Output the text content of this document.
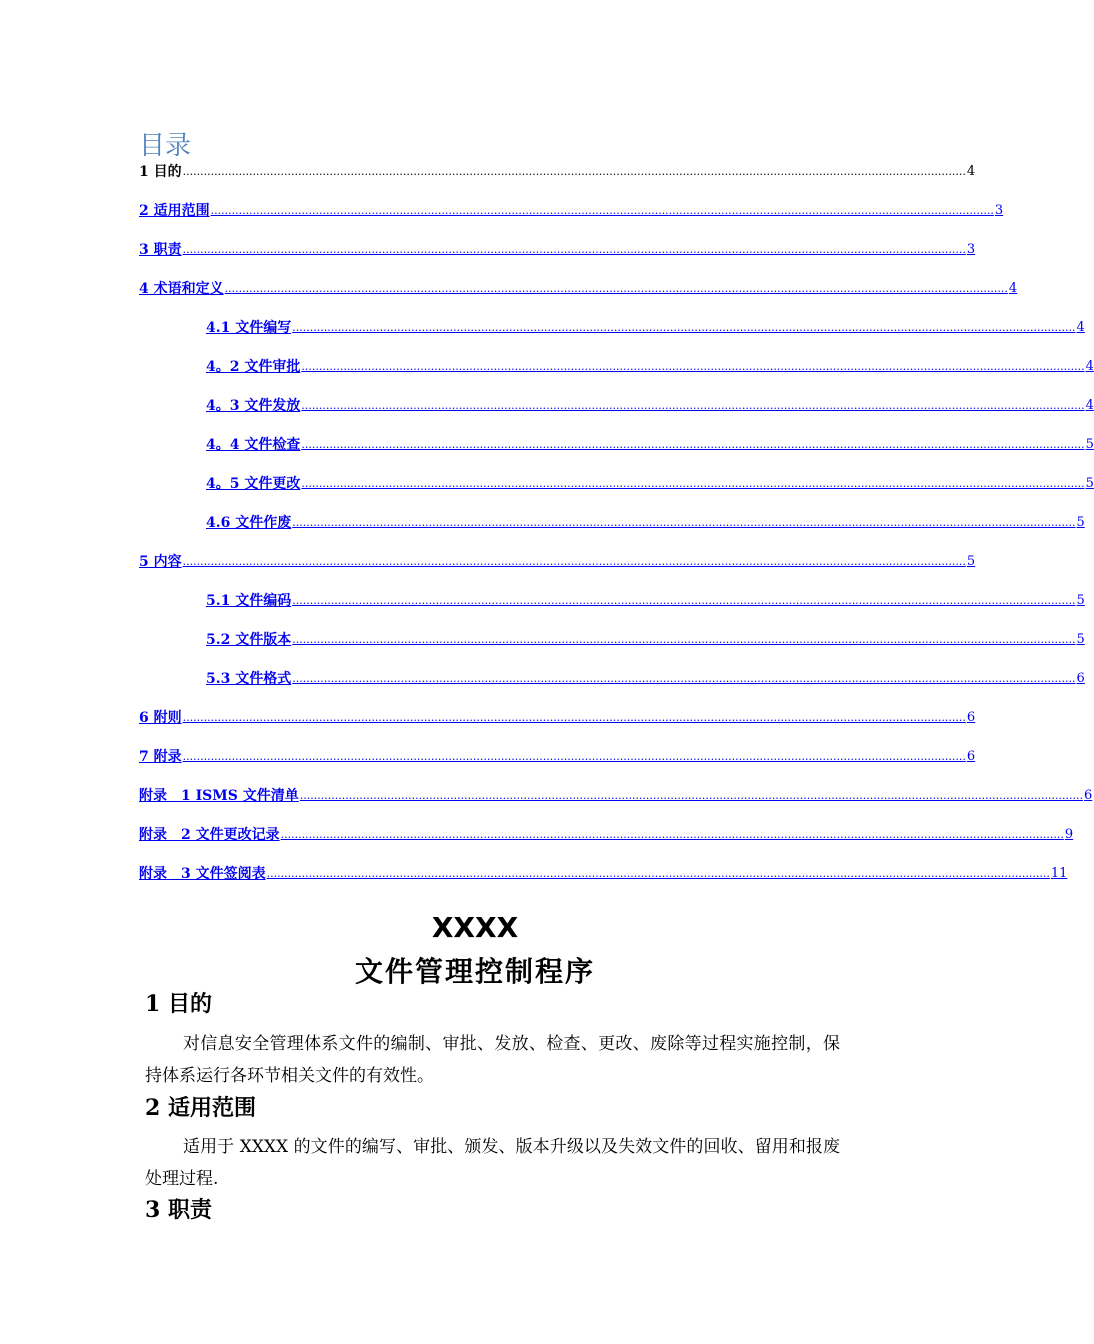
目录
1 目的 ................................................................................................................................................................................................................................ 4
2 适用范围 ................................................................................................................................................................................................................................ 3
3 职责 ................................................................................................................................................................................................................................ 3
4 术语和定义 ................................................................................................................................................................................................................................ 4
4.1 文件编写 ................................................................................................................................................................................................................................ 4
4。2 文件审批 ................................................................................................................................................................................................................................ 4
4。3 文件发放 ................................................................................................................................................................................................................................ 4
4。4 文件检查 ................................................................................................................................................................................................................................ 5
4。5 文件更改 ................................................................................................................................................................................................................................ 5
4.6 文件作废 ................................................................................................................................................................................................................................ 5
5 内容 ................................................................................................................................................................................................................................ 5
5.1 文件编码 ................................................................................................................................................................................................................................ 5
5.2 文件版本 ................................................................................................................................................................................................................................ 5
5.3 文件格式 ................................................................................................................................................................................................................................ 6
6 附则 ................................................................................................................................................................................................................................ 6
7 附录 ................................................................................................................................................................................................................................ 6
附录　1 ISMS 文件清单 ................................................................................................................................................................................................................................ 6
附录　2 文件更改记录 ................................................................................................................................................................................................................................ 9
附录　3 文件签阅表 ................................................................................................................................................................................................................................ 11
XXXX
文件管理控制程序
1 目的
对信息安全管理体系文件的编制、审批、发放、检查、更改、废除等过程实施控制，保持体系运行各环节相关文件的有效性。
2 适用范围
适用于 XXXX 的文件的编写、审批、颁发、版本升级以及失效文件的回收、留用和报废处理过程.
3 职责
